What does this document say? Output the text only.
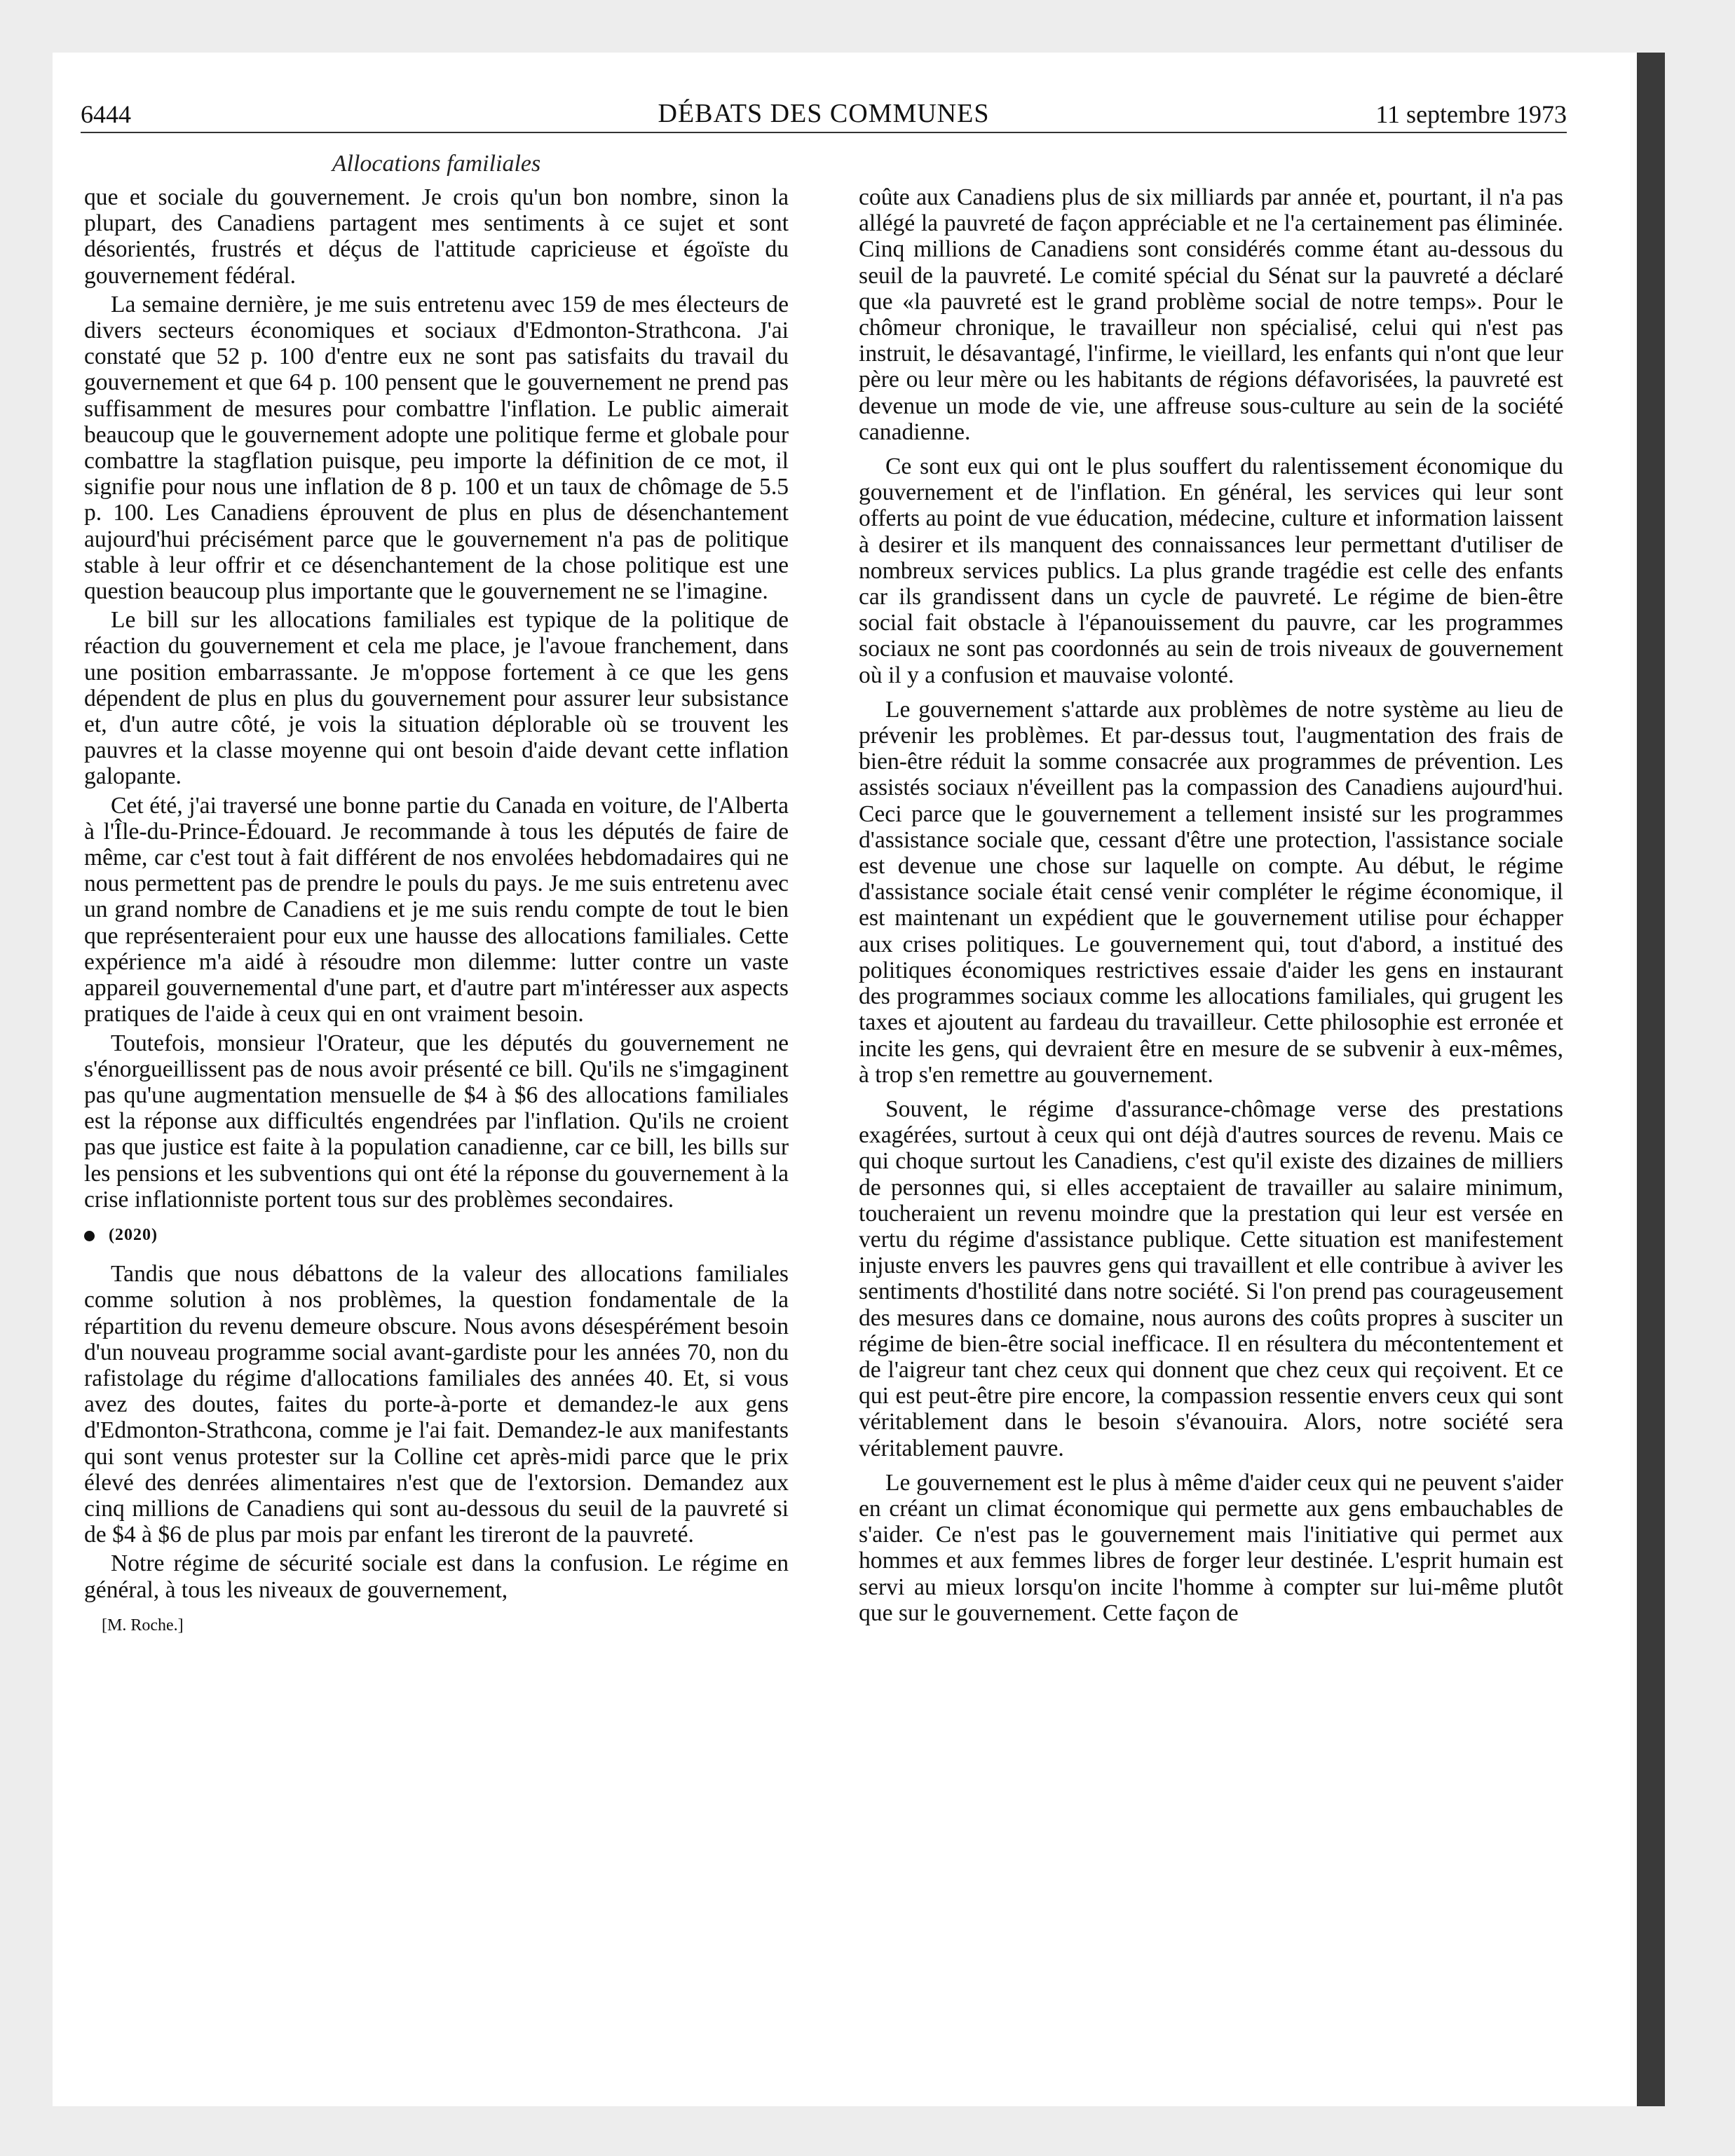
6444	DÉBATS DES COMMUNES	11 septembre 1973
Allocations familiales

que et sociale du gouvernement. Je crois qu'un bon nombre, sinon la plupart, des Canadiens partagent mes sentiments à ce sujet et sont désorientés, frustrés et déçus de l'attitude capricieuse et égoïste du gouvernement fédéral.

La semaine dernière, je me suis entretenu avec 159 de mes électeurs de divers secteurs économiques et sociaux d'Edmonton-Strathcona. J'ai constaté que 52 p. 100 d'entre eux ne sont pas satisfaits du travail du gouvernement et que 64 p. 100 pensent que le gouvernement ne prend pas suffisamment de mesures pour combattre l'inflation. Le public aimerait beaucoup que le gouvernement adopte une politique ferme et globale pour combattre la stagflation puisque, peu importe la définition de ce mot, il signifie pour nous une inflation de 8 p. 100 et un taux de chômage de 5.5 p. 100. Les Canadiens éprouvent de plus en plus de désenchantement aujourd'hui précisément parce que le gouvernement n'a pas de politique stable à leur offrir et ce désenchantement de la chose politique est une question beaucoup plus importante que le gouvernement ne se l'imagine.

Le bill sur les allocations familiales est typique de la politique de réaction du gouvernement et cela me place, je l'avoue franchement, dans une position embarrassante. Je m'oppose fortement à ce que les gens dépendent de plus en plus du gouvernement pour assurer leur subsistance et, d'un autre côté, je vois la situation déplorable où se trouvent les pauvres et la classe moyenne qui ont besoin d'aide devant cette inflation galopante.

Cet été, j'ai traversé une bonne partie du Canada en voiture, de l'Alberta à l'Île-du-Prince-Édouard. Je recommande à tous les députés de faire de même, car c'est tout à fait différent de nos envolées hebdomadaires qui ne nous permettent pas de prendre le pouls du pays. Je me suis entretenu avec un grand nombre de Canadiens et je me suis rendu compte de tout le bien que représenteraient pour eux une hausse des allocations familiales. Cette expérience m'a aidé à résoudre mon dilemme: lutter contre un vaste appareil gouvernemental d'une part, et d'autre part m'intéresser aux aspects pratiques de l'aide à ceux qui en ont vraiment besoin.

Toutefois, monsieur l'Orateur, que les députés du gouvernement ne s'énorgueillissent pas de nous avoir présenté ce bill. Qu'ils ne s'imgaginent pas qu'une augmentation mensuelle de $4 à $6 des allocations familiales est la réponse aux difficultés engendrées par l'inflation. Qu'ils ne croient pas que justice est faite à la population canadienne, car ce bill, les bills sur les pensions et les subventions qui ont été la réponse du gouvernement à la crise inflationniste portent tous sur des problèmes secondaires.

(2020)

Tandis que nous débattons de la valeur des allocations familiales comme solution à nos problèmes, la question fondamentale de la répartition du revenu demeure obscure. Nous avons désespérément besoin d'un nouveau programme social avant-gardiste pour les années 70, non du rafistolage du régime d'allocations familiales des années 40. Et, si vous avez des doutes, faites du porte-à-porte et demandez-le aux gens d'Edmonton-Strathcona, comme je l'ai fait. Demandez-le aux manifestants qui sont venus protester sur la Colline cet après-midi parce que le prix élevé des denrées alimentaires n'est que de l'extorsion. Demandez aux cinq millions de Canadiens qui sont au-dessous du seuil de la pauvreté si de $4 à $6 de plus par mois par enfant les tireront de la pauvreté.

Notre régime de sécurité sociale est dans la confusion. Le régime en général, à tous les niveaux de gouvernement,

[M. Roche.]

coûte aux Canadiens plus de six milliards par année et, pourtant, il n'a pas allégé la pauvreté de façon appréciable et ne l'a certainement pas éliminée. Cinq millions de Canadiens sont considérés comme étant au-dessous du seuil de la pauvreté. Le comité spécial du Sénat sur la pauvreté a déclaré que «la pauvreté est le grand problème social de notre temps». Pour le chômeur chronique, le travailleur non spécialisé, celui qui n'est pas instruit, le désavantagé, l'infirme, le vieillard, les enfants qui n'ont que leur père ou leur mère ou les habitants de régions défavorisées, la pauvreté est devenue un mode de vie, une affreuse sous-culture au sein de la société canadienne.

Ce sont eux qui ont le plus souffert du ralentissement économique du gouvernement et de l'inflation. En général, les services qui leur sont offerts au point de vue éducation, médecine, culture et information laissent à desirer et ils manquent des connaissances leur permettant d'utiliser de nombreux services publics. La plus grande tragédie est celle des enfants car ils grandissent dans un cycle de pauvreté. Le régime de bien-être social fait obstacle à l'épanouissement du pauvre, car les programmes sociaux ne sont pas coordonnés au sein de trois niveaux de gouvernement où il y a confusion et mauvaise volonté.

Le gouvernement s'attarde aux problèmes de notre système au lieu de prévenir les problèmes. Et par-dessus tout, l'augmentation des frais de bien-être réduit la somme consacrée aux programmes de prévention. Les assistés sociaux n'éveillent pas la compassion des Canadiens aujourd'hui. Ceci parce que le gouvernement a tellement insisté sur les programmes d'assistance sociale que, cessant d'être une protection, l'assistance sociale est devenue une chose sur laquelle on compte. Au début, le régime d'assistance sociale était censé venir compléter le régime économique, il est maintenant un expédient que le gouvernement utilise pour échapper aux crises politiques. Le gouvernement qui, tout d'abord, a institué des politiques économiques restrictives essaie d'aider les gens en instaurant des programmes sociaux comme les allocations familiales, qui grugent les taxes et ajoutent au fardeau du travailleur. Cette philosophie est erronée et incite les gens, qui devraient être en mesure de se subvenir à eux-mêmes, à trop s'en remettre au gouvernement.

Souvent, le régime d'assurance-chômage verse des prestations exagérées, surtout à ceux qui ont déjà d'autres sources de revenu. Mais ce qui choque surtout les Canadiens, c'est qu'il existe des dizaines de milliers de personnes qui, si elles acceptaient de travailler au salaire minimum, toucheraient un revenu moindre que la prestation qui leur est versée en vertu du régime d'assistance publique. Cette situation est manifestement injuste envers les pauvres gens qui travaillent et elle contribue à aviver les sentiments d'hostilité dans notre société. Si l'on prend pas courageusement des mesures dans ce domaine, nous aurons des coûts propres à susciter un régime de bien-être social inefficace. Il en résultera du mécontentement et de l'aigreur tant chez ceux qui donnent que chez ceux qui reçoivent. Et ce qui est peut-être pire encore, la compassion ressentie envers ceux qui sont véritablement dans le besoin s'évanouira. Alors, notre société sera véritablement pauvre.

Le gouvernement est le plus à même d'aider ceux qui ne peuvent s'aider en créant un climat économique qui permette aux gens embauchables de s'aider. Ce n'est pas le gouvernement mais l'initiative qui permet aux hommes et aux femmes libres de forger leur destinée. L'esprit humain est servi au mieux lorsqu'on incite l'homme à compter sur lui-même plutôt que sur le gouvernement. Cette façon de
